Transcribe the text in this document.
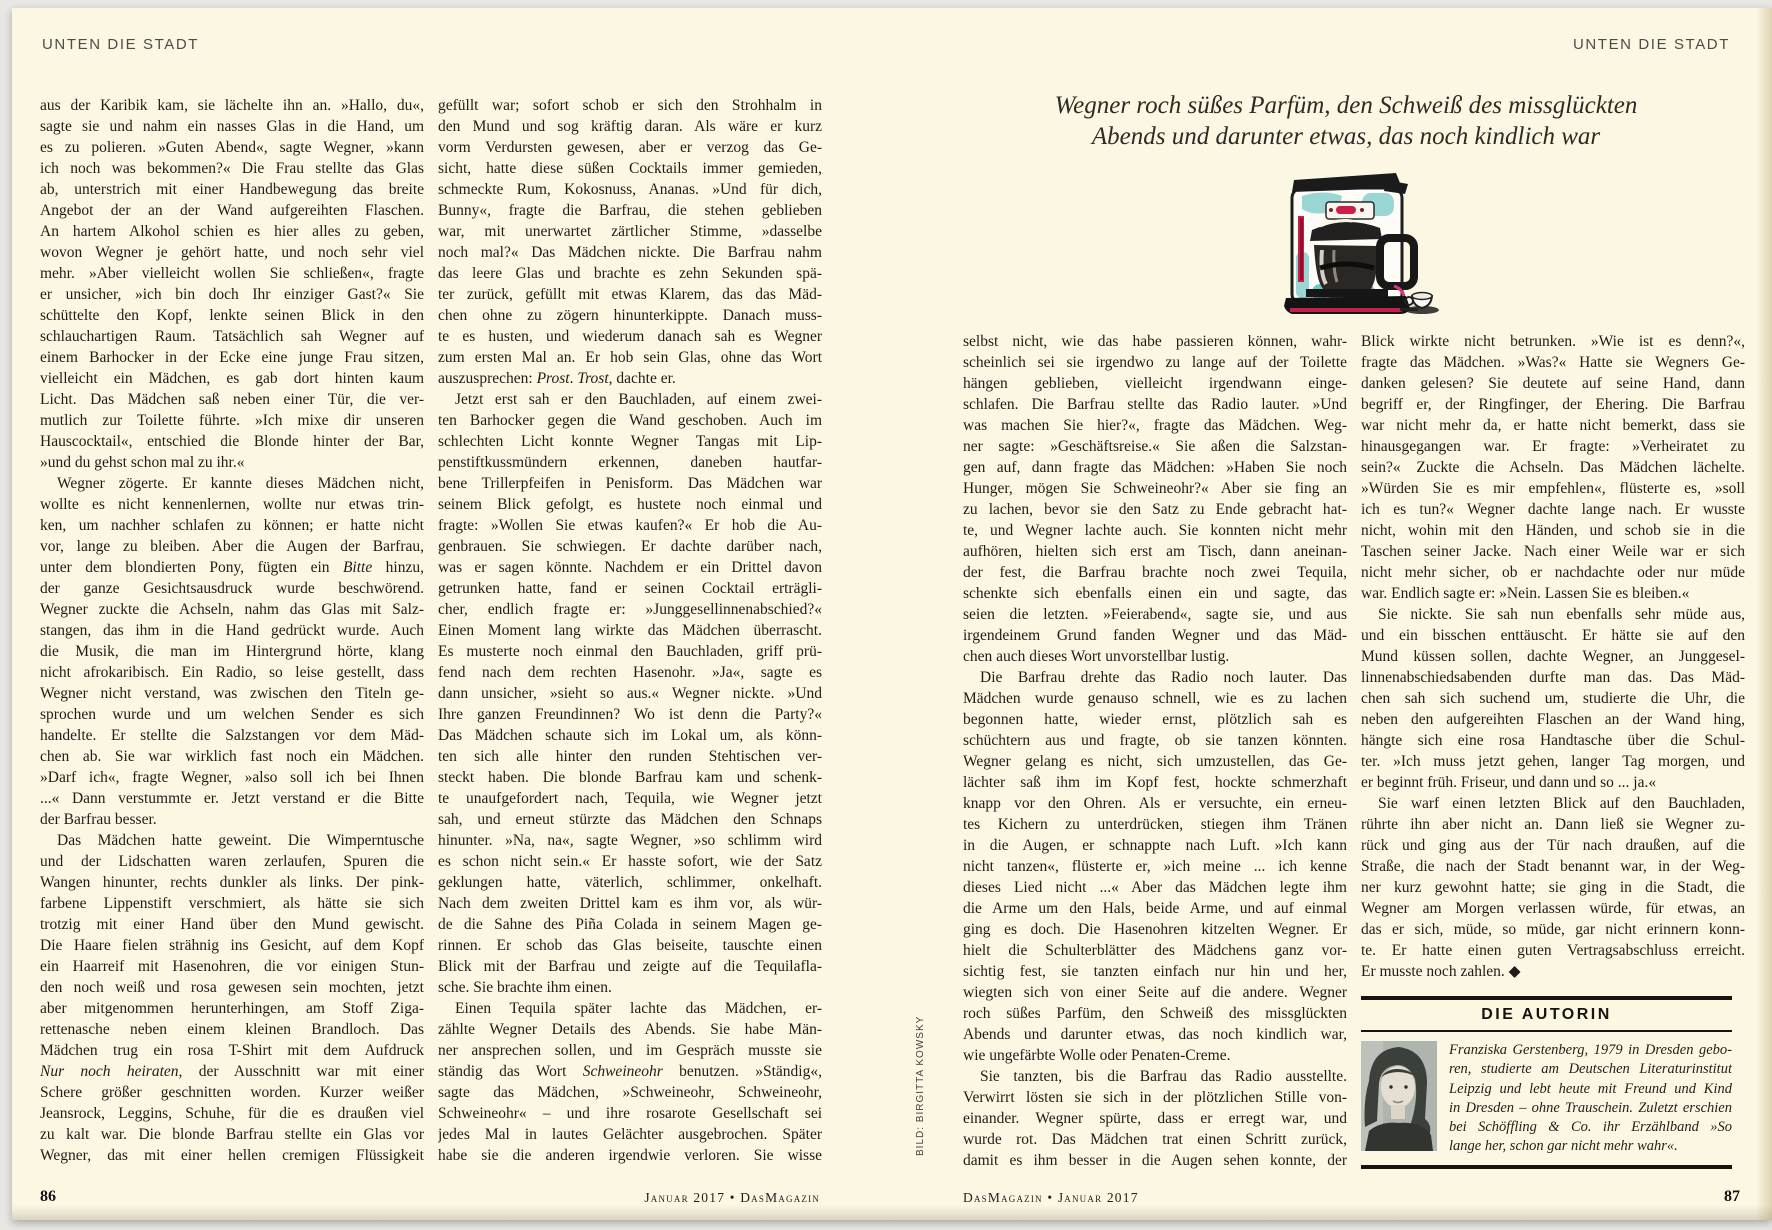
UNTEN DIE STADT	UNTEN DIE STADT
aus der Karibik kam, sie lächelte ihn an. »Hallo, du«,
sagte sie und nahm ein nasses Glas in die Hand, um
es zu polieren. »Guten Abend«, sagte Wegner, »kann
ich noch was bekommen?« Die Frau stellte das Glas
ab, unterstrich mit einer Handbewegung das breite
Angebot der an der Wand aufgereihten Flaschen.
An hartem Alkohol schien es hier alles zu geben,
wovon Wegner je gehört hatte, und noch sehr viel
mehr. »Aber vielleicht wollen Sie schließen«, fragte
er unsicher, »ich bin doch Ihr einziger Gast?« Sie
schüttelte den Kopf, lenkte seinen Blick in den
schlauchartigen Raum. Tatsächlich sah Wegner auf
einem Barhocker in der Ecke eine junge Frau sitzen,
vielleicht ein Mädchen, es gab dort hinten kaum
Licht. Das Mädchen saß neben einer Tür, die ver-
mutlich zur Toilette führte. »Ich mixe dir unseren
Hauscocktail«, entschied die Blonde hinter der Bar,
»und du gehst schon mal zu ihr.«
Wegner zögerte. Er kannte dieses Mädchen nicht,
wollte es nicht kennenlernen, wollte nur etwas trin-
ken, um nachher schlafen zu können; er hatte nicht
vor, lange zu bleiben. Aber die Augen der Barfrau,
unter dem blondierten Pony, fügten ein Bitte hinzu,
der ganze Gesichtsausdruck wurde beschwörend.
Wegner zuckte die Achseln, nahm das Glas mit Salz-
stangen, das ihm in die Hand gedrückt wurde. Auch
die Musik, die man im Hintergrund hörte, klang
nicht afrokaribisch. Ein Radio, so leise gestellt, dass
Wegner nicht verstand, was zwischen den Titeln ge-
sprochen wurde und um welchen Sender es sich
handelte. Er stellte die Salzstangen vor dem Mäd-
chen ab. Sie war wirklich fast noch ein Mädchen.
»Darf ich«, fragte Wegner, »also soll ich bei Ihnen
...« Dann verstummte er. Jetzt verstand er die Bitte
der Barfrau besser.
Das Mädchen hatte geweint. Die Wimperntusche
und der Lidschatten waren zerlaufen, Spuren die
Wangen hinunter, rechts dunkler als links. Der pink-
farbene Lippenstift verschmiert, als hätte sie sich
trotzig mit einer Hand über den Mund gewischt.
Die Haare fielen strähnig ins Gesicht, auf dem Kopf
ein Haarreif mit Hasenohren, die vor einigen Stun-
den noch weiß und rosa gewesen sein mochten, jetzt
aber mitgenommen herunterhingen, am Stoff Ziga-
rettenasche neben einem kleinen Brandloch. Das
Mädchen trug ein rosa T-Shirt mit dem Aufdruck
Nur noch heiraten, der Ausschnitt war mit einer
Schere größer geschnitten worden. Kurzer weißer
Jeansrock, Leggins, Schuhe, für die es draußen viel
zu kalt war. Die blonde Barfrau stellte ein Glas vor
Wegner, das mit einer hellen cremigen Flüssigkeit
gefüllt war; sofort schob er sich den Strohhalm in
den Mund und sog kräftig daran. Als wäre er kurz
vorm Verdursten gewesen, aber er verzog das Ge-
sicht, hatte diese süßen Cocktails immer gemieden,
schmeckte Rum, Kokosnuss, Ananas. »Und für dich,
Bunny«, fragte die Barfrau, die stehen geblieben
war, mit unerwartet zärtlicher Stimme, »dasselbe
noch mal?« Das Mädchen nickte. Die Barfrau nahm
das leere Glas und brachte es zehn Sekunden spä-
ter zurück, gefüllt mit etwas Klarem, das das Mäd-
chen ohne zu zögern hinunterkippte. Danach muss-
te es husten, und wiederum danach sah es Wegner
zum ersten Mal an. Er hob sein Glas, ohne das Wort
auszusprechen: Prost. Trost, dachte er.
Jetzt erst sah er den Bauchladen, auf einem zwei-
ten Barhocker gegen die Wand geschoben. Auch im
schlechten Licht konnte Wegner Tangas mit Lip-
penstiftkussmündern erkennen, daneben hautfar-
bene Trillerpfeifen in Penisform. Das Mädchen war
seinem Blick gefolgt, es hustete noch einmal und
fragte: »Wollen Sie etwas kaufen?« Er hob die Au-
genbrauen. Sie schwiegen. Er dachte darüber nach,
was er sagen könnte. Nachdem er ein Drittel davon
getrunken hatte, fand er seinen Cocktail erträgli-
cher, endlich fragte er: »Junggesellinnenabschied?«
Einen Moment lang wirkte das Mädchen überrascht.
Es musterte noch einmal den Bauchladen, griff prü-
fend nach dem rechten Hasenohr. »Ja«, sagte es
dann unsicher, »sieht so aus.« Wegner nickte. »Und
Ihre ganzen Freundinnen? Wo ist denn die Party?«
Das Mädchen schaute sich im Lokal um, als könn-
ten sich alle hinter den runden Stehtischen ver-
steckt haben. Die blonde Barfrau kam und schenk-
te unaufgefordert nach, Tequila, wie Wegner jetzt
sah, und erneut stürzte das Mädchen den Schnaps
hinunter. »Na, na«, sagte Wegner, »so schlimm wird
es schon nicht sein.« Er hasste sofort, wie der Satz
geklungen hatte, väterlich, schlimmer, onkelhaft.
Nach dem zweiten Drittel kam es ihm vor, als wür-
de die Sahne des Piña Colada in seinem Magen ge-
rinnen. Er schob das Glas beiseite, tauschte einen
Blick mit der Barfrau und zeigte auf die Tequilafla-
sche. Sie brachte ihm einen.
Einen Tequila später lachte das Mädchen, er-
zählte Wegner Details des Abends. Sie habe Män-
ner ansprechen sollen, und im Gespräch musste sie
ständig das Wort Schweineohr benutzen. »Ständig«,
sagte das Mädchen, »Schweineohr, Schweineohr,
Schweineohr« – und ihre rosarote Gesellschaft sei
jedes Mal in lautes Gelächter ausgebrochen. Später
habe sie die anderen irgendwie verloren. Sie wisse
Wegner roch süßes Parfüm, den Schweiß des missglückten
Abends und darunter etwas, das noch kindlich war
selbst nicht, wie das habe passieren können, wahr-
scheinlich sei sie irgendwo zu lange auf der Toilette
hängen geblieben, vielleicht irgendwann einge-
schlafen. Die Barfrau stellte das Radio lauter. »Und
was machen Sie hier?«, fragte das Mädchen. Weg-
ner sagte: »Geschäftsreise.« Sie aßen die Salzstan-
gen auf, dann fragte das Mädchen: »Haben Sie noch
Hunger, mögen Sie Schweineohr?« Aber sie fing an
zu lachen, bevor sie den Satz zu Ende gebracht hat-
te, und Wegner lachte auch. Sie konnten nicht mehr
aufhören, hielten sich erst am Tisch, dann aneinan-
der fest, die Barfrau brachte noch zwei Tequila,
schenkte sich ebenfalls einen ein und sagte, das
seien die letzten. »Feierabend«, sagte sie, und aus
irgendeinem Grund fanden Wegner und das Mäd-
chen auch dieses Wort unvorstellbar lustig.
Die Barfrau drehte das Radio noch lauter. Das
Mädchen wurde genauso schnell, wie es zu lachen
begonnen hatte, wieder ernst, plötzlich sah es
schüchtern aus und fragte, ob sie tanzen könnten.
Wegner gelang es nicht, sich umzustellen, das Ge-
lächter saß ihm im Kopf fest, hockte schmerzhaft
knapp vor den Ohren. Als er versuchte, ein erneu-
tes Kichern zu unterdrücken, stiegen ihm Tränen
in die Augen, er schnappte nach Luft. »Ich kann
nicht tanzen«, flüsterte er, »ich meine ... ich kenne
dieses Lied nicht ...« Aber das Mädchen legte ihm
die Arme um den Hals, beide Arme, und auf einmal
ging es doch. Die Hasenohren kitzelten Wegner. Er
hielt die Schulterblätter des Mädchens ganz vor-
sichtig fest, sie tanzten einfach nur hin und her,
wiegten sich von einer Seite auf die andere. Wegner
roch süßes Parfüm, den Schweiß des missglückten
Abends und darunter etwas, das noch kindlich war,
wie ungefärbte Wolle oder Penaten-Creme.
Sie tanzten, bis die Barfrau das Radio ausstellte.
Verwirrt lösten sie sich in der plötzlichen Stille von-
einander. Wegner spürte, dass er erregt war, und
wurde rot. Das Mädchen trat einen Schritt zurück,
damit es ihm besser in die Augen sehen konnte, der
Blick wirkte nicht betrunken. »Wie ist es denn?«,
fragte das Mädchen. »Was?« Hatte sie Wegners Ge-
danken gelesen? Sie deutete auf seine Hand, dann
begriff er, der Ringfinger, der Ehering. Die Barfrau
war nicht mehr da, er hatte nicht bemerkt, dass sie
hinausgegangen war. Er fragte: »Verheiratet zu
sein?« Zuckte die Achseln. Das Mädchen lächelte.
»Würden Sie es mir empfehlen«, flüsterte es, »soll
ich es tun?« Wegner dachte lange nach. Er wusste
nicht, wohin mit den Händen, und schob sie in die
Taschen seiner Jacke. Nach einer Weile war er sich
nicht mehr sicher, ob er nachdachte oder nur müde
war. Endlich sagte er: »Nein. Lassen Sie es bleiben.«
Sie nickte. Sie sah nun ebenfalls sehr müde aus,
und ein bisschen enttäuscht. Er hätte sie auf den
Mund küssen sollen, dachte Wegner, an Junggesel-
linnenabschiedsabenden durfte man das. Das Mäd-
chen sah sich suchend um, studierte die Uhr, die
neben den aufgereihten Flaschen an der Wand hing,
hängte sich eine rosa Handtasche über die Schul-
ter. »Ich muss jetzt gehen, langer Tag morgen, und
er beginnt früh. Friseur, und dann und so ... ja.«
Sie warf einen letzten Blick auf den Bauchladen,
rührte ihn aber nicht an. Dann ließ sie Wegner zu-
rück und ging aus der Tür nach draußen, auf die
Straße, die nach der Stadt benannt war, in der Weg-
ner kurz gewohnt hatte; sie ging in die Stadt, die
Wegner am Morgen verlassen würde, für etwas, an
das er sich, müde, so müde, gar nicht erinnern konn-
te. Er hatte einen guten Vertragsabschluss erreicht.
Er musste noch zahlen. ◆
BILD: BIRGITTA KOWSKY
DIE AUTORIN
Franziska Gerstenberg, 1979 in Dresden gebo-
ren, studierte am Deutschen Literaturinstitut
Leipzig und lebt heute mit Freund und Kind
in Dresden – ohne Trauschein. Zuletzt erschien
bei Schöffling & Co. ihr Erzählband »So
lange her, schon gar nicht mehr wahr«.
86	Januar 2017 • DasMagazin	DasMagazin • Januar 2017	87
